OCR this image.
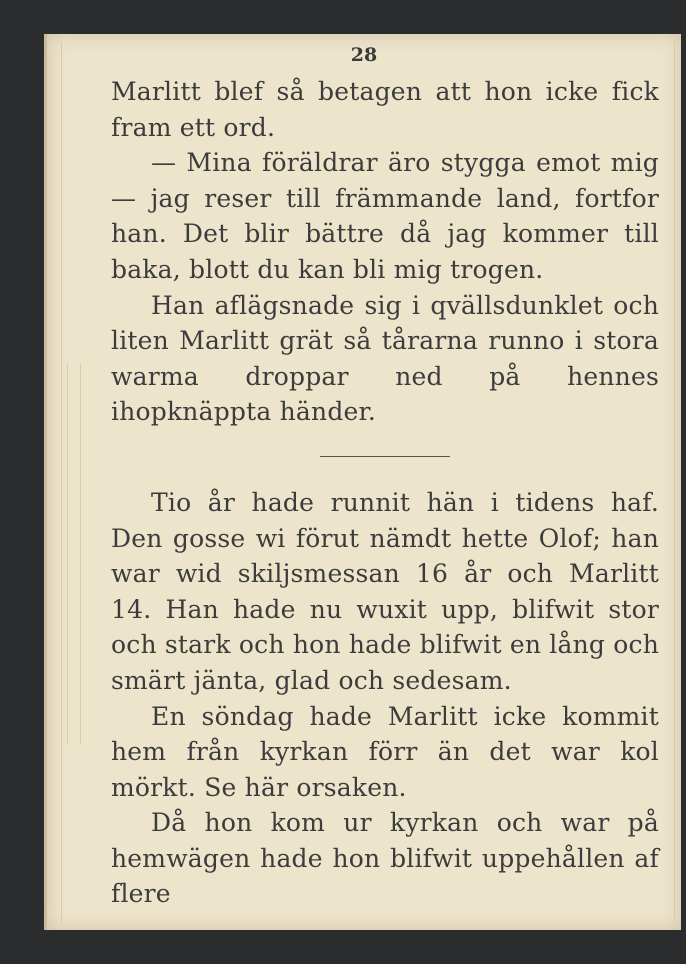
28

Marlitt blef så betagen att hon icke fick fram ett ord.

— Mina föräldrar äro stygga emot mig — jag reser till främmande land, fortfor han. Det blir bättre då jag kommer till baka, blott du kan bli mig trogen.

Han aflägsnade sig i qvällsdunklet och liten Marlitt grät så tårarna runno i stora warma droppar ned på hennes ihopknäppta händer.

Tio år hade runnit hän i tidens haf. Den gosse wi förut nämdt hette Olof; han war wid skiljsmessan 16 år och Marlitt 14. Han hade nu wuxit upp, blifwit stor och stark och hon hade blifwit en lång och smärt jänta, glad och sedesam.

En söndag hade Marlitt icke kommit hem från kyrkan förr än det war kol mörkt. Se här orsaken.

Då hon kom ur kyrkan och war på hemwägen hade hon blifwit uppehållen af flere
